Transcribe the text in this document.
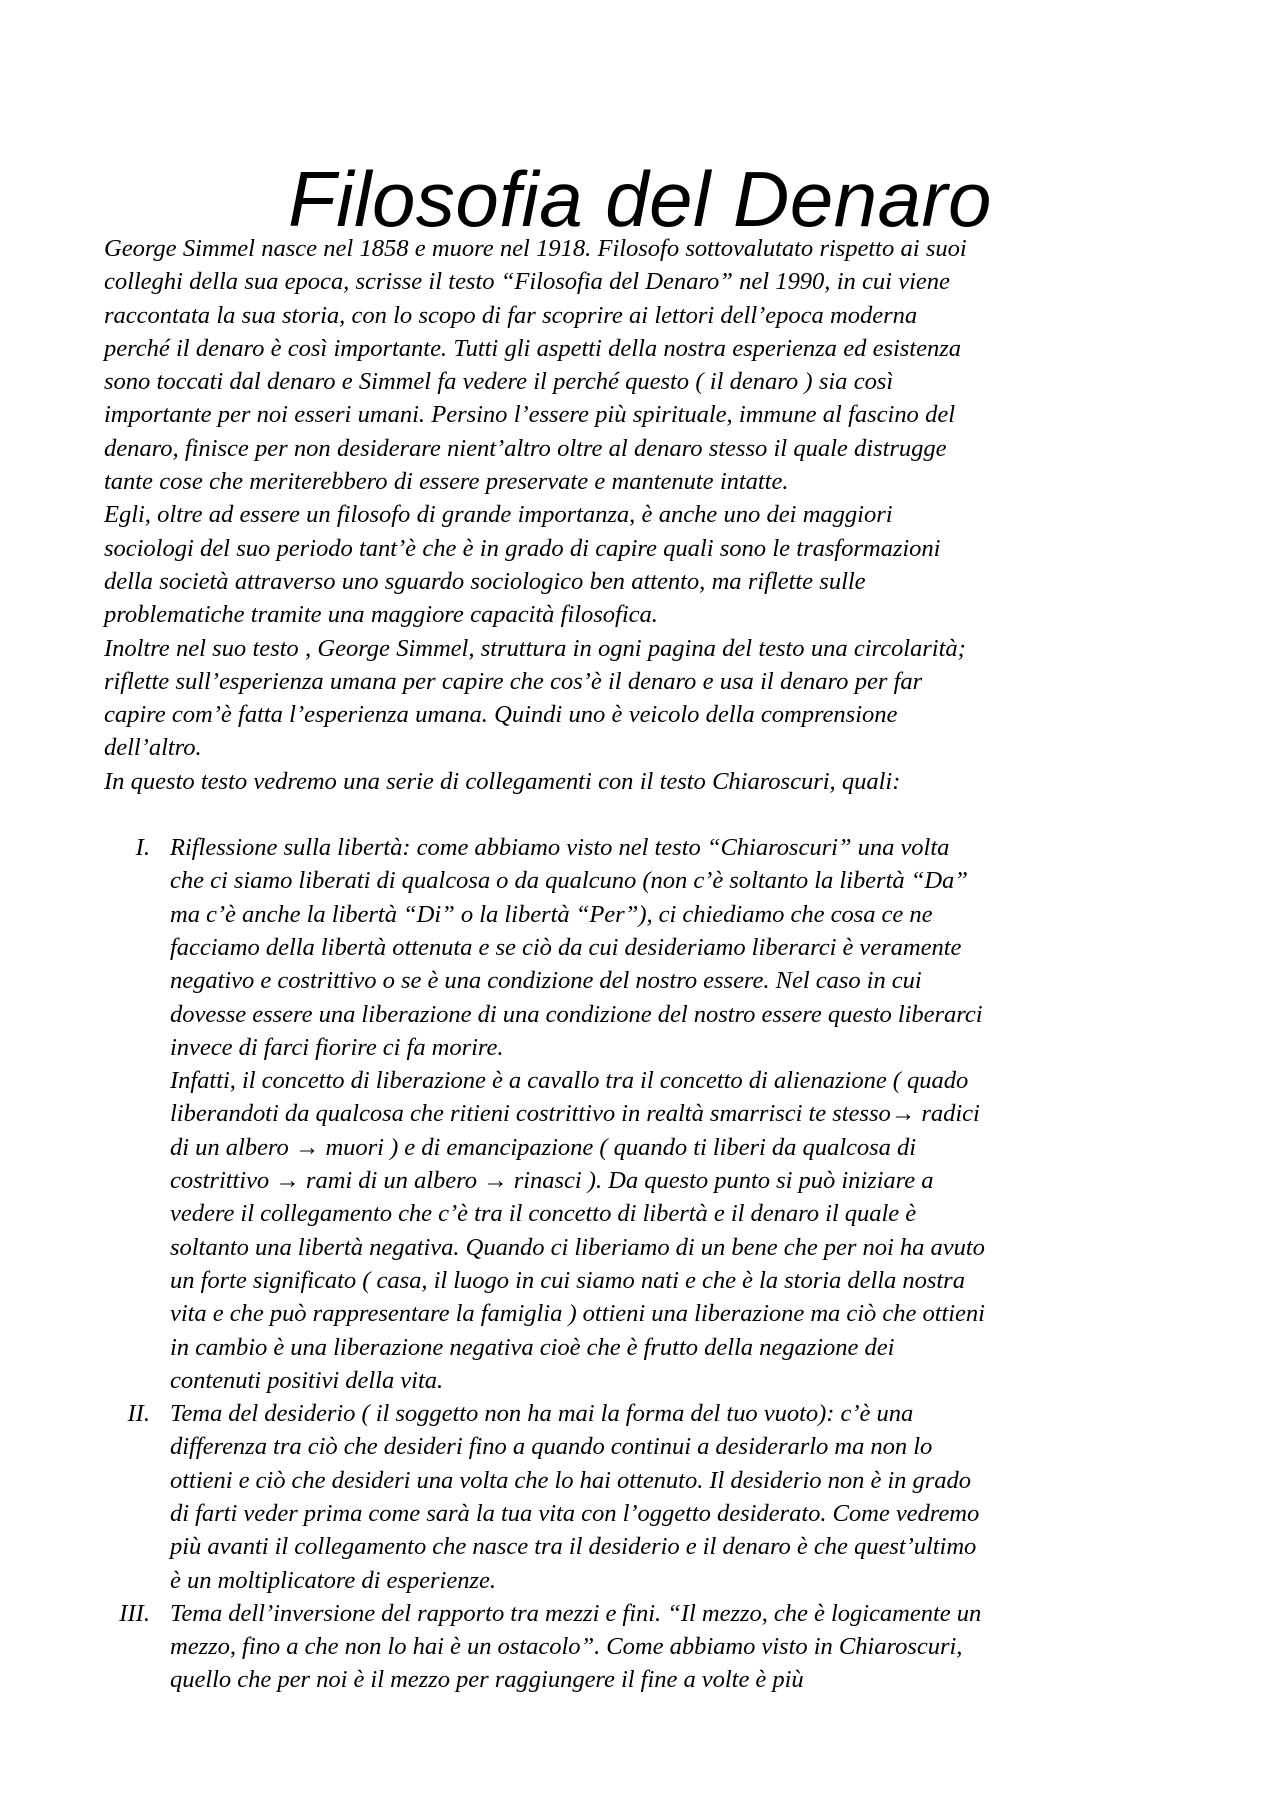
Filosofia del Denaro

George Simmel nasce nel 1858 e muore nel 1918. Filosofo sottovalutato rispetto ai suoi colleghi della sua epoca, scrisse il testo “Filosofia del Denaro” nel 1990, in cui viene raccontata la sua storia, con lo scopo di far scoprire ai lettori dell’epoca moderna perché il denaro è così importante. Tutti gli aspetti della nostra esperienza ed esistenza sono toccati dal denaro e Simmel fa vedere il perché questo ( il denaro ) sia così importante per noi esseri umani. Persino l’essere più spirituale, immune al fascino del denaro, finisce per non desiderare nient’altro oltre al denaro stesso il quale distrugge tante cose che meriterebbero di essere preservate e mantenute intatte.

Egli, oltre ad essere un filosofo di grande importanza, è anche uno dei maggiori sociologi del suo periodo tant’è che è in grado di capire quali sono le trasformazioni della società attraverso uno sguardo sociologico ben attento, ma riflette sulle problematiche tramite una maggiore capacità filosofica.

Inoltre nel suo testo , George Simmel, struttura in ogni pagina del testo una circolarità; riflette sull’esperienza umana per capire che cos’è il denaro e usa il denaro per far capire com’è fatta l’esperienza umana. Quindi uno è veicolo della comprensione dell’altro.

In questo testo vedremo una serie di collegamenti con il testo Chiaroscuri, quali:

I. Riflessione sulla libertà: come abbiamo visto nel testo “Chiaroscuri” una volta che ci siamo liberati di qualcosa o da qualcuno (non c’è soltanto la libertà “Da” ma c’è anche la libertà “Di” o la libertà “Per”), ci chiediamo che cosa ce ne facciamo della libertà ottenuta e se ciò da cui desideriamo liberarci è veramente negativo e costrittivo o se è una condizione del nostro essere. Nel caso in cui dovesse essere una liberazione di una condizione del nostro essere questo liberarci invece di farci fiorire ci fa morire.

Infatti, il concetto di liberazione è a cavallo tra il concetto di alienazione ( quado liberandoti da qualcosa che ritieni costrittivo in realtà smarrisci te stesso→ radici di un albero → muori ) e di emancipazione ( quando ti liberi da qualcosa di costrittivo → rami di un albero → rinasci ). Da questo punto si può iniziare a vedere il collegamento che c’è tra il concetto di libertà e il denaro il quale è soltanto una libertà negativa. Quando ci liberiamo di un bene che per noi ha avuto un forte significato ( casa, il luogo in cui siamo nati e che è la storia della nostra vita e che può rappresentare la famiglia ) ottieni una liberazione ma ciò che ottieni in cambio è una liberazione negativa cioè che è frutto della negazione dei contenuti positivi della vita.

II. Tema del desiderio ( il soggetto non ha mai la forma del tuo vuoto): c’è una differenza tra ciò che desideri fino a quando continui a desiderarlo ma non lo ottieni e ciò che desideri una volta che lo hai ottenuto. Il desiderio non è in grado di farti veder prima come sarà la tua vita con l’oggetto desiderato. Come vedremo più avanti il collegamento che nasce tra il desiderio e il denaro è che quest’ultimo è un moltiplicatore di esperienze.

III. Tema dell’inversione del rapporto tra mezzi e fini. “Il mezzo, che è logicamente un mezzo, fino a che non lo hai è un ostacolo”. Come abbiamo visto in Chiaroscuri, quello che per noi è il mezzo per raggiungere il fine a volte è più
